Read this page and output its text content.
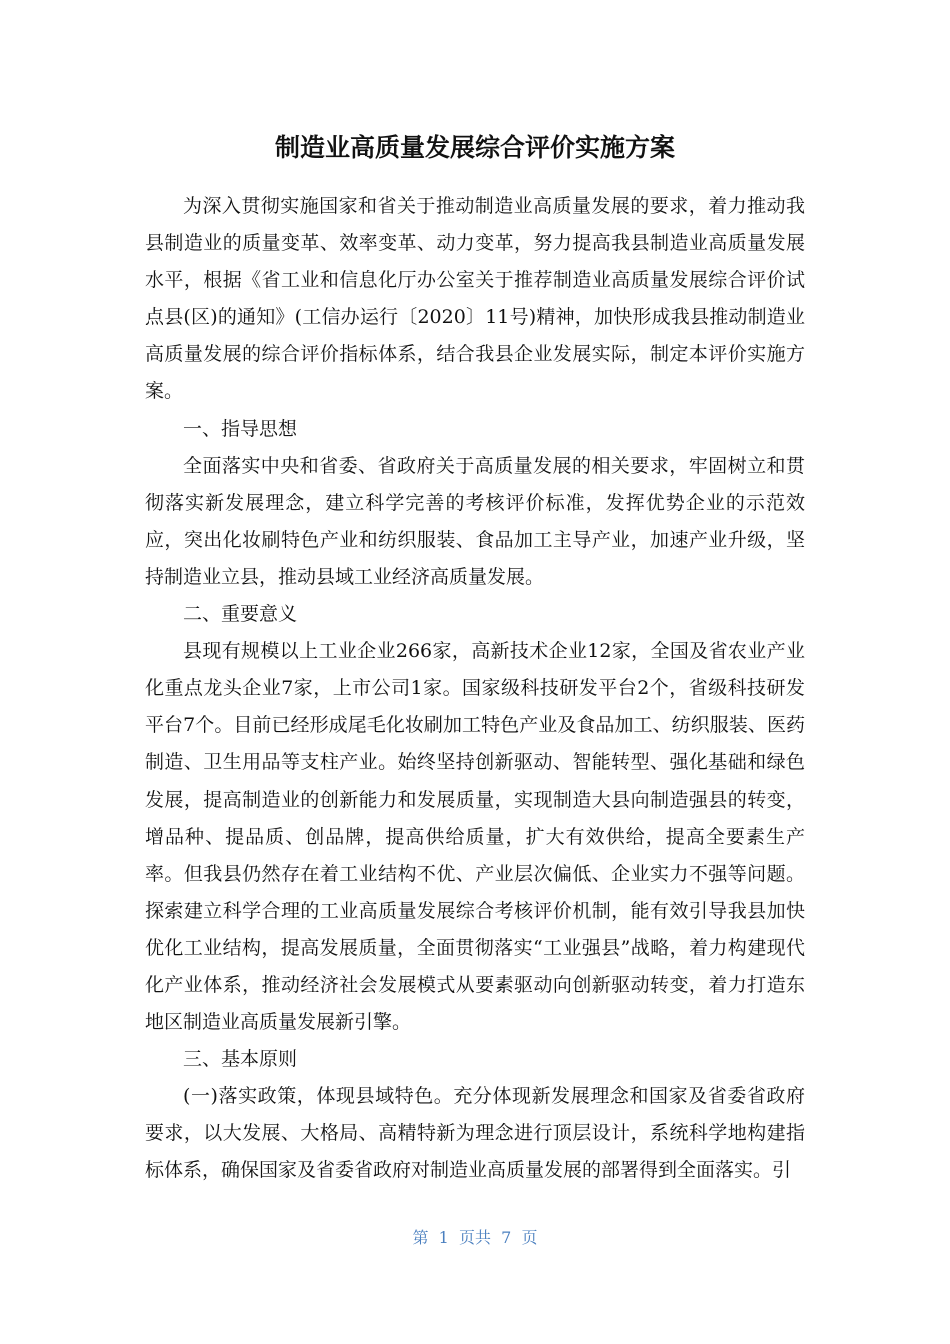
制造业高质量发展综合评价实施方案

为深入贯彻实施国家和省关于推动制造业高质量发展的要求，着力推动我县制造业的质量变革、效率变革、动力变革，努力提高我县制造业高质量发展水平，根据《省工业和信息化厅办公室关于推荐制造业高质量发展综合评价试点县(区)的通知》(工信办运行〔2020〕11号)精神，加快形成我县推动制造业高质量发展的综合评价指标体系，结合我县企业发展实际，制定本评价实施方案。

一、指导思想

全面落实中央和省委、省政府关于高质量发展的相关要求，牢固树立和贯彻落实新发展理念，建立科学完善的考核评价标准，发挥优势企业的示范效应，突出化妆刷特色产业和纺织服装、食品加工主导产业，加速产业升级，坚持制造业立县，推动县域工业经济高质量发展。

二、重要意义

县现有规模以上工业企业266家，高新技术企业12家，全国及省农业产业化重点龙头企业7家，上市公司1家。国家级科技研发平台2个，省级科技研发平台7个。目前已经形成尾毛化妆刷加工特色产业及食品加工、纺织服装、医药制造、卫生用品等支柱产业。始终坚持创新驱动、智能转型、强化基础和绿色发展，提高制造业的创新能力和发展质量，实现制造大县向制造强县的转变，增品种、提品质、创品牌，提高供给质量，扩大有效供给，提高全要素生产率。但我县仍然存在着工业结构不优、产业层次偏低、企业实力不强等问题。探索建立科学合理的工业高质量发展综合考核评价机制，能有效引导我县加快优化工业结构，提高发展质量，全面贯彻落实“工业强县”战略，着力构建现代化产业体系，推动经济社会发展模式从要素驱动向创新驱动转变，着力打造东地区制造业高质量发展新引擎。

三、基本原则

(一)落实政策，体现县域特色。充分体现新发展理念和国家及省委省政府要求，以大发展、大格局、高精特新为理念进行顶层设计，系统科学地构建指标体系，确保国家及省委省政府对制造业高质量发展的部署得到全面落实。引

第  1  页共  7  页
